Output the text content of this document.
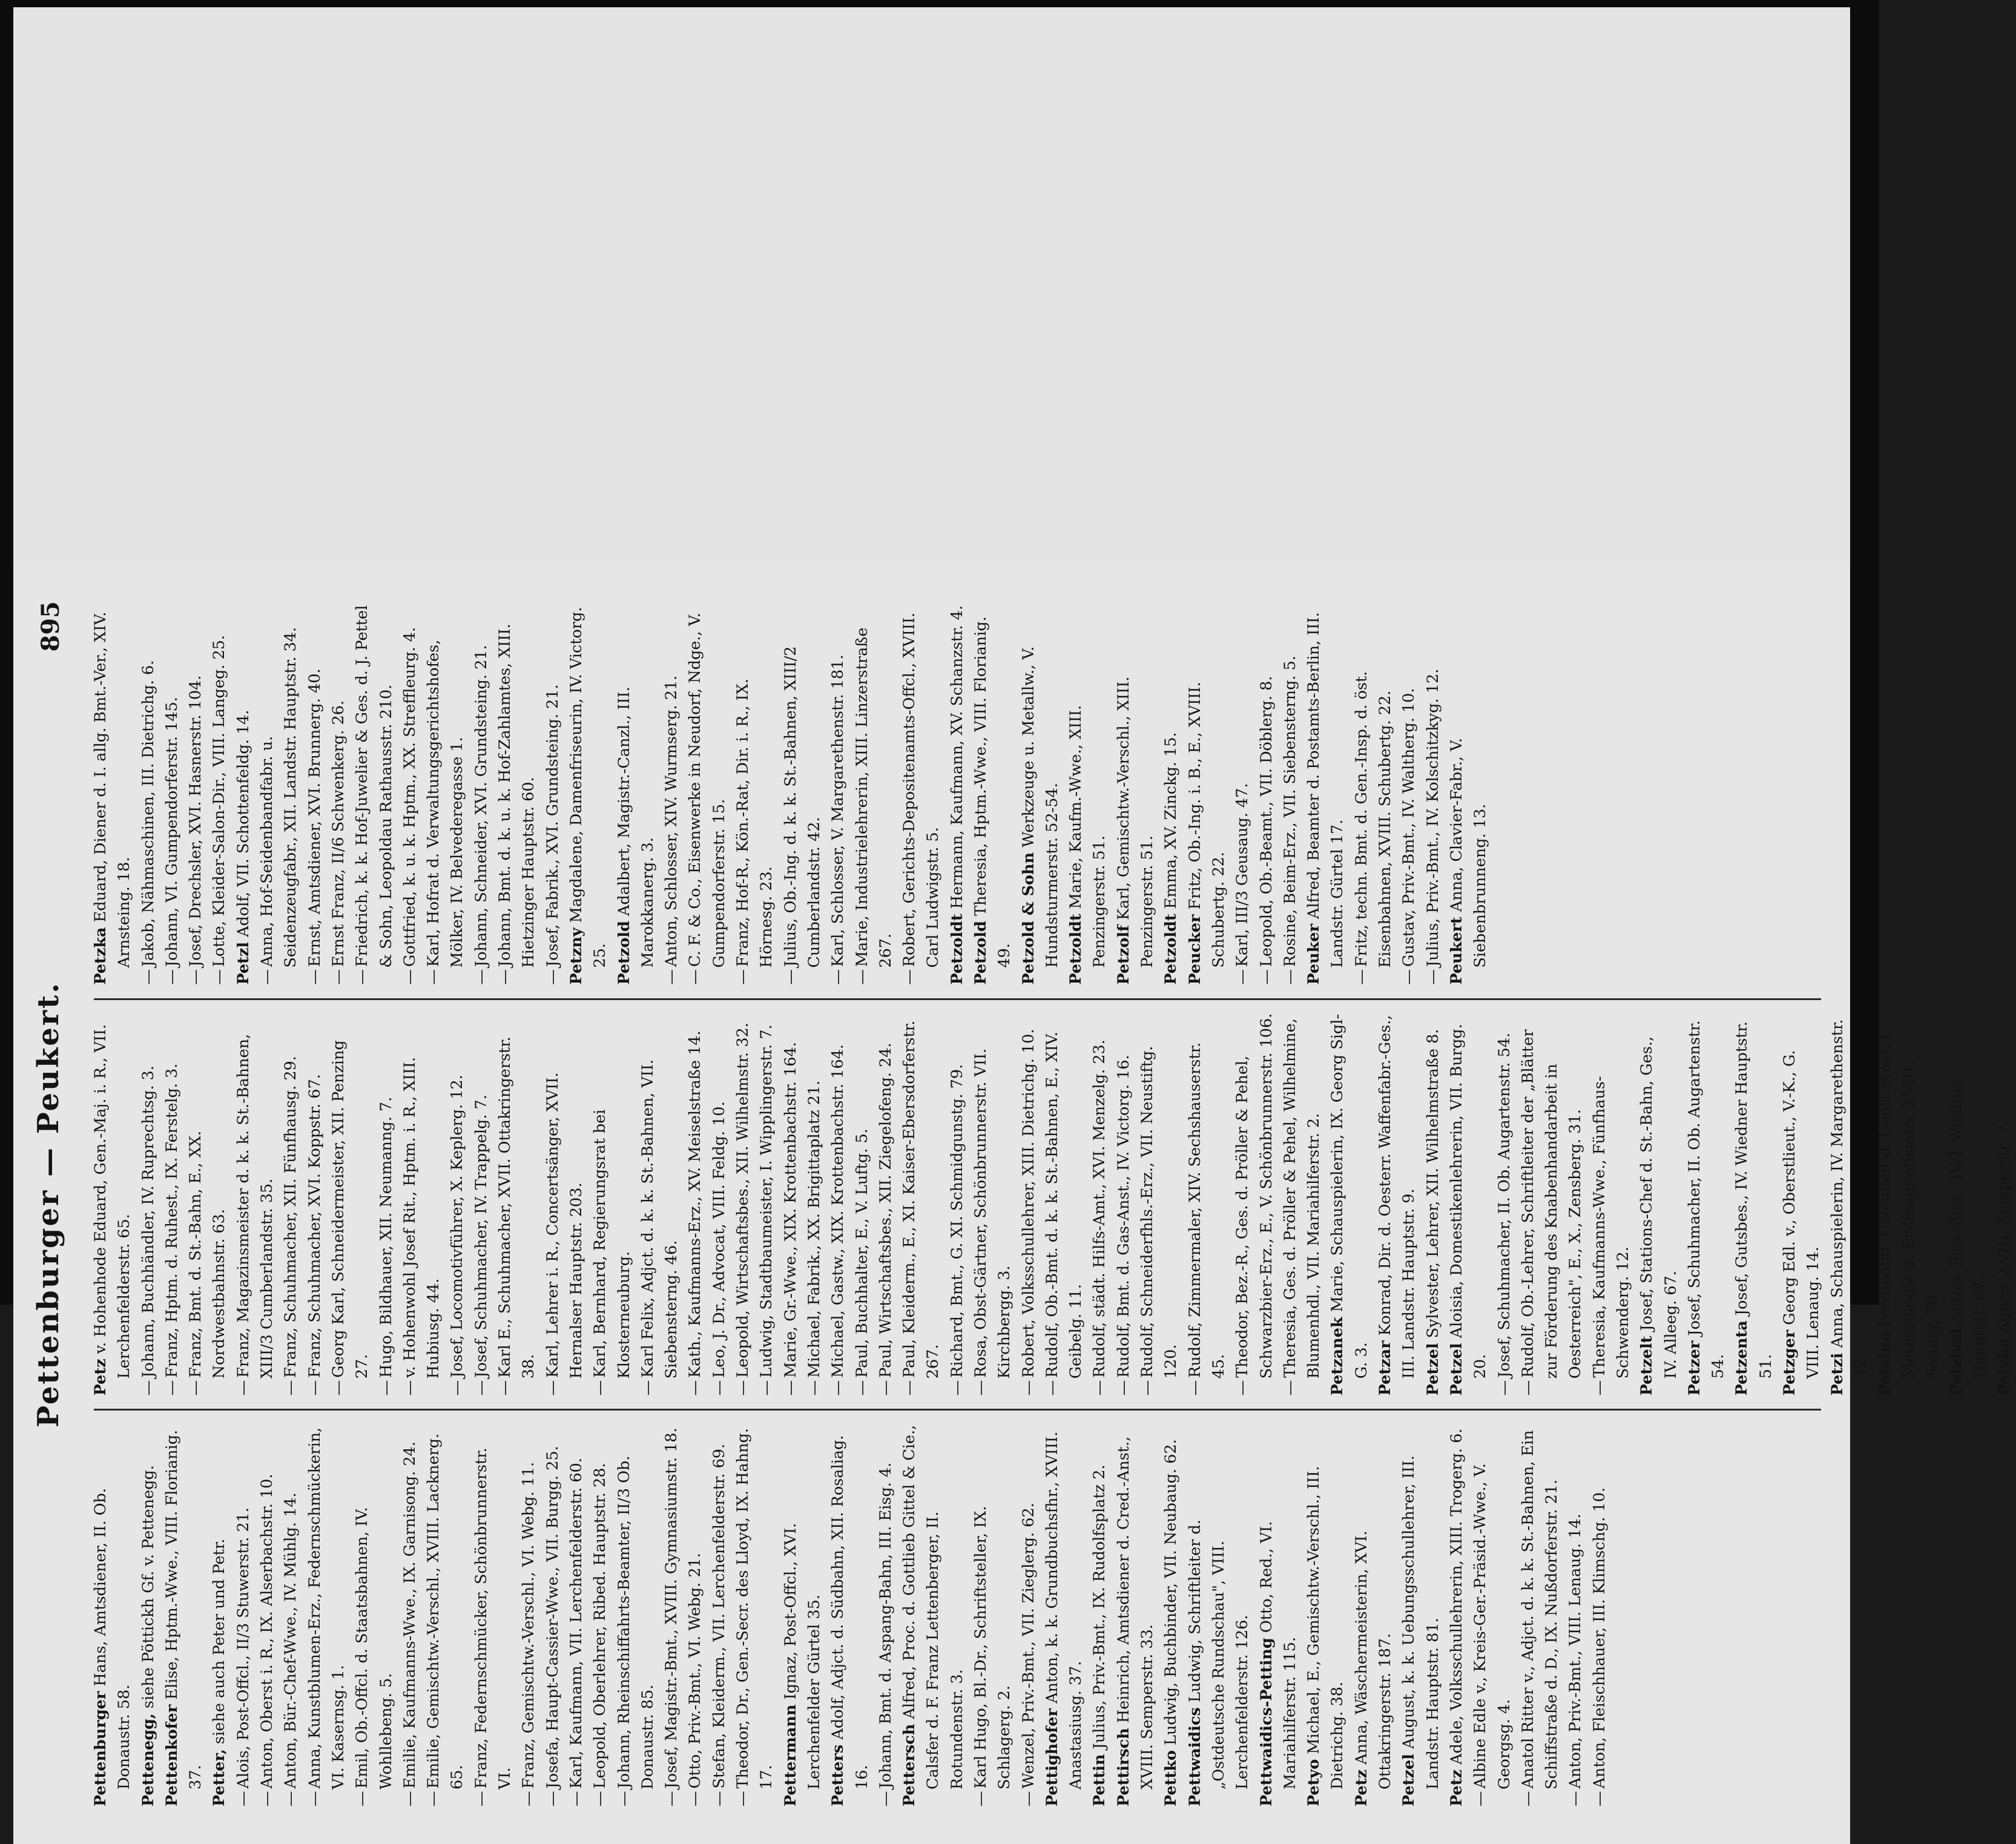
Pettenburger — Peukert.
895

Pettenburger Hans, Amtsdiener, II. Ob. Donaustr. 58. Pettenegg, siehe Pöttickh Gf. v. Pettenegg.

Pettenkofer Elise, Hptm.-Wwe., VIII. Florianig. 37. Petter, siehe auch Peter und Petr.

—Alois, Post-Offcl., II/3 Stuwerstr. 21.

—Anton, Oberst i. R., IX. Alserbachstr. 10.

—Anton, Bür.-Chef-Wwe., IV. Mühlg. 14.

—Anna, Kunstblumen-Erz., Federnschmückerin, VI. Kasernsg. 1.

—Emil, Ob.-Offcl. d. Staatsbahnen, IV. Wohllebeng. 5.

—Emilie, Kaufmanns-Wwe., IX. Garnisong. 24.

—Emilie, Gemischtw.-Verschl., XVIII. Lacknerg. 65.

—Franz, Federnschmücker, Schönbrunnerstr. VI.

—Franz, Gemischtw.-Verschl., VI. Webg. 11.

—Josefa, Haupt-Cassier-Wwe., VII. Burgg. 25.

—Karl, Kaufmann, VII. Lerchenfelderstr. 60.

—Leopold, Oberlehrer, Ribed. Hauptstr. 28.

—Johann, Rheinschiffahrts-Beamter, II/3 Ob. Donaustr. 85.

—Josef, Magistr.-Bmt., XVIII. Gymnasiumstr. 18.

—Otto, Priv.-Bmt., VI. Webg. 21.

—Stefan, Kleiderm., VII. Lerchenfelderstr. 69.

—Theodor, Dr., Gen.-Secr. des Lloyd, IX. Hahng. 17. Pettermann Ignaz, Post-Offcl., XVI. Lerchenfelder Gürtel 35. Petters Adolf, Adjct. d. Südbahn, XII. Rosaliag. 16.

—Johann, Bmt. d. Aspang-Bahn, III. Eisg. 4. Pettersch Alfred, Proc. d. Gottlieb Gittel & Cie., Calsfer d. F. Franz Lettenberger, II. Rotundenstr. 3.

—Karl Hugo, Bl.-Dr., Schriftsteller, IX. Schlagerg. 2.

—Wenzel, Priv.-Bmt., VII. Zieglerg. 62. Pettighofer Anton, k. k. Grundbuchsfhr., XVIII. Anastasiusg. 37. Pettin Julius, Priv.-Bmt., IX. Rudolfsplatz 2.

Pettirsch Heinrich, Amtsdiener d. Cred.-Anst., XVIII. Semperstr. 33. Pettko Ludwig, Buchbinder, VII. Neubaug. 62.

Pettwaidics Ludwig, Schriftleiter d. „Ostdeutsche Rundschau", VIII. Lerchenfelderstr. 126. Pettwaidics-Petting Otto, Red., VI. Mariahilferstr. 115. Petyo Michael, E., Gemischtw.-Verschl., III. Dietrichg. 38. Petz Anna, Wäschermeisterin, XVI. Ottakringerstr. 187. Petzel August, k. k. Uebungsschullehrer, III. Landstr. Hauptstr. 81. Petz Adele, Volksschullehrerin, XIII. Trogerg. 6.

—Albine Edle v., Kreis-Ger.-Präsid.-Wwe., V. Georgsg. 4.

—Anatol Ritter v., Adjct. d. k. k. St.-Bahnen, Ein Schiffstraße d. D., IX. Nußdorferstr. 21.

—Anton, Priv.-Bmt., VIII. Lenaug. 14.

—Anton, Fleischhauer, III. Klimschg. 10.

Petz v. Hohenhode Eduard, Gen.-Maj. i. R., VII. Lerchenfelderstr. 65.

—Johann, Buchhändler, IV. Ruprechtsg. 3.

—Franz, Hptm. d. Ruhest., IX. Ferstelg. 3.

—Franz, Bmt. d. St.-Bahn, E., XX. Nordwestbahnstr. 63.

—Franz, Magazinsmeister d. k. k. St.-Bahnen, XIII/3 Cumberlandstr. 35.

—Franz, Schuhmacher, XII. Fünfhausg. 29.

—Franz, Schuhmacher, XVI. Koppstr. 67.

—Georg Karl, Schneidermeister, XII. Penzing 27.

—Hugo, Bildhauer, XII. Neumanng. 7.

—v. Hohenwohl Josef Rit., Hptm. i. R., XIII. Hubiusg. 44.

—Josef, Locomotivführer, X. Keplerg. 12.

—Josef, Schuhmacher, IV. Trappelg. 7.

—Karl E., Schuhmacher, XVII. Ottakringerstr. 38.

—Karl, Lehrer i. R., Concertsänger, XVII. Hernalser Hauptstr. 203.

—Karl, Bernhard, Regierungsrat bei Klosterneuburg.

—Karl Felix, Adjct. d. k. k. St.-Bahnen, VII. Siebensterng. 46.

—Kath., Kaufmanns-Erz., XV. Meiselstraße 14.

—Leo, J. Dr., Advocat, VIII. Feldg. 10.

—Leopold, Wirtschaftsbes., XII. Wilhelmstr. 32.

—Ludwig, Stadtbaumeister, I. Wipplingerstr. 7.

—Marie, Gr.-Wwe., XIX. Krottenbachstr. 164.

—Michael, Fabrik., XX. Brigittaplatz 21.

—Michael, Gastw., XIX. Krottenbachstr. 164.

—Paul, Buchhalter, E., V. Luftg. 5.

—Paul, Wirtschaftsbes., XII. Ziegelofeng. 24.

—Paul, Kleiderm., E., XI. Kaiser-Ebersdorferstr. 267.

—Richard, Bmt., G. XI. Schmidgunstg. 79.

—Rosa, Obst-Gärtner, Schönbrunnerstr. VII. Kirchbergg. 3.

—Robert, Volksschullehrer, XIII. Dietrichg. 10.

—Rudolf, Ob.-Bmt. d. k. k. St.-Bahnen, E., XIV. Geibelg. 11.

—Rudolf, städt. Hilfs-Amt., XVI. Menzelg. 23.

—Rudolf, Bmt. d. Gas-Anst., IV. Victorg. 16.

—Rudolf, Schneiderfhls.-Erz., VII. Neustiftg. 120.

—Rudolf, Zimmermaler, XIV. Sechshauserstr. 45.

—Theodor, Bez.-R., Ges. d. Pröller & Pehel, Schwarzbier-Erz., E., V. Schönbrunnerstr. 106.

—Theresia, Ges. d. Pröller & Pehel, Wilhelmine, Blumenhdl., VII. Mariahilferstr. 2. Petzanek Marie, Schauspielerin, IX. Georg Sigl-G. 3. Petzar Konrad, Dir. d. Oesterr. Waffenfabr.-Ges., III. Landstr. Hauptstr. 9. Petzel Sylvester, Lehrer, XII. Wilhelmstraße 8.

Petzel Aloisia, Domestikenlehrerin, VII. Burgg. 20.

—Josef, Schuhmacher, II. Ob. Augartenstr. 54.

—Rudolf, Ob.-Lehrer, Schriftleiter der „Blätter zur Förderung des Knabenhandarbeit in Oesterreich", E., X., Zensberg. 31.

—Theresia, Kaufmanns-Wwe., Fünfhaus-Schwenderg. 12. Petzelt Josef, Stations-Chef d. St.-Bahn, Ges., IV. Alleeg. 67. Petzer Josef, Schuhmacher, II. Ob. Augartenstr. 54. Petzenta Josef, Gutsbes., IV. Wiedner Hauptstr. 51. Petzger Georg Edl. v., Oberstlieut., V.-K., G. VIII. Lenaug. 14. Petzi Anna, Schauspielerin, IV. Margarethenstr. 32. Petzina Ferdinand, Calculant d. Centr.-Anst. f. Meteorologie u. Erdmagnetismus, XVIII. Sennig. 70. Petzival Anton, Priv.-Bmt., IV/1 Wiedner Hauptstr. 67. Petzka Agnes, XVIII. Semperstr. 7.

Petzka Eduard, Diener d. I. allg. Bmt.-Ver., XIV. Arnsteing. 18.

—Jakob, Nähmaschinen, III. Dietrichg. 6.

—Johann, VI. Gumpendorferstr. 145.

—Josef, Drechsler, XVI. Hasnerstr. 104.

—Lotte, Kleider-Salon-Dir., VIII. Langeg. 25. Petzl Adolf, VII. Schottenfeldg. 14.

—Anna, Hof-Seidenbandfabr. u. Seidenzeugfabr., XII. Landstr. Hauptstr. 34.

—Ernst, Amtsdiener, XVI. Brunnerg. 40.

—Ernst Franz, II/6 Schwenkerg. 26.

—Friedrich, k. k. Hof-Juwelier & Ges. d. J. Pettel & Sohn, Leopoldau Rathausstr. 210.

—Gottfried, k. u. k. Hptm., XX. Streffleurg. 4.

—Karl, Hofrat d. Verwaltungsgerichtshofes, Mölker, IV. Belvederegasse 1.

—Johann, Schneider, XVI. Grundsteing. 21.

—Johann, Bmt. d. k. u. k. Hof-Zahlamtes, XIII. Hietzinger Hauptstr. 60.

—Josef, Fabrik., XVI. Grundsteing. 21. Petzny Magdalene, Damenfriseurin, IV. Victorg. 25. Petzold Adalbert, Magistr.-Canzl., III. Marokkanerg. 3.

—Anton, Schlosser, XIV. Wurmserg. 21.

—C. F. & Co., Eisenwerke in Neudorf, Ndge., V. Gumpendorferstr. 15.

—Franz, Hof-R., Kön.-Rat, Dir. i. R., IX. Hörnesg. 23.

—Julius, Ob.-Ing. d. k. k. St.-Bahnen, XIII/2 Cumberlandstr. 42.

—Karl, Schlosser, V. Margarethenstr. 181.

—Marie, Industrielehrerin, XIII. Linzerstraße 267.

—Robert, Gerichts-Depositenamts-Offcl., XVIII. Carl Ludwigstr. 5. Petzoldt Hermann, Kaufmann, XV. Schanzstr. 4.

Petzold Theresia, Hptm.-Wwe., VIII. Florianig. 49. Petzold & Sohn Werkzeuge u. Metallw., V. Hundsturmerstr. 52-54. Petzoldt Marie, Kaufm.-Wwe., XIII. Penzingerstr. 51. Petzolf Karl, Gemischtw.-Verschl., XIII. Penzingerstr. 51. Petzoldt Emma, XV. Zinckg. 15.

Peucker Fritz, Ob.-Ing. i. B., E., XVIII. Schubertg. 22.

—Karl, III/3 Geusaug. 47.

—Leopold, Ob.-Beamt., VII. Döblerg. 8.

—Rosine, Beim-Erz., VII. Siebensterng. 5. Peuker Alfred, Beamter d. Postamts-Berlin, III. Landstr. Gürtel 17.

—Fritz, techn. Bmt. d. Gen.-Insp. d. öst. Eisenbahnen, XVIII. Schubertg. 22.

—Gustav, Priv.-Bmt., IV. Waltherg. 10.

—Julius, Priv.-Bmt., IV. Kolschitzkyg. 12. Peukert Anna, Clavier-Fabr., V. Siebenbrunneng. 13.
